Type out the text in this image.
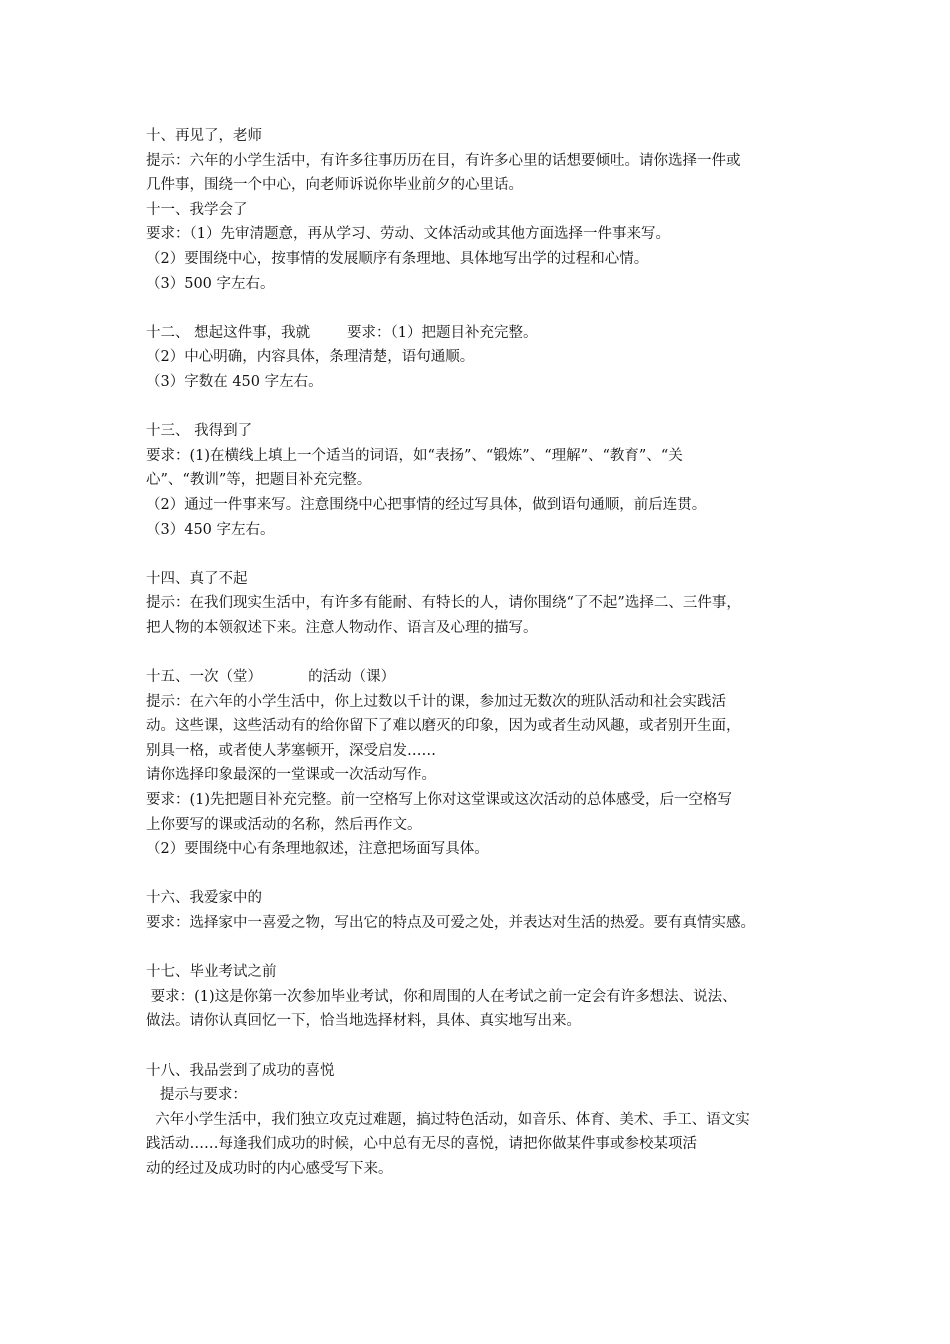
十、再见了，老师
提示：六年的小学生活中，有许多往事历历在目，有许多心里的话想要倾吐。请你选择一件或
几件事，围绕一个中心，向老师诉说你毕业前夕的心里话。
十一、我学会了
要求：（1）先审清题意，再从学习、劳动、文体活动或其他方面选择一件事来写。
（2）要围绕中心，按事情的发展顺序有条理地、具体地写出学的过程和心情。
（3）500 字左右。
十二、 想起这件事，我就        要求：（1）把题目补充完整。
（2）中心明确，内容具体，条理清楚，语句通顺。
（3）字数在 450 字左右。
十三、 我得到了
要求：(1)在横线上填上一个适当的词语，如“表扬”、“锻炼”、“理解”、“教育”、“关
心”、“教训”等，把题目补充完整。
（2）通过一件事来写。注意围绕中心把事情的经过写具体，做到语句通顺，前后连贯。
（3）450 字左右。
十四、真了不起
提示：在我们现实生活中，有许多有能耐、有特长的人，请你围绕“了不起”选择二、三件事，
把人物的本领叙述下来。注意人物动作、语言及心理的描写。
十五、一次（堂）          的活动（课）
提示：在六年的小学生活中，你上过数以千计的课，参加过无数次的班队活动和社会实践活
动。这些课，这些活动有的给你留下了难以磨灭的印象，因为或者生动风趣，或者别开生面，
别具一格，或者使人茅塞顿开，深受启发……
请你选择印象最深的一堂课或一次活动写作。
要求：(1)先把题目补充完整。前一空格写上你对这堂课或这次活动的总体感受，后一空格写
上你要写的课或活动的名称，然后再作文。
（2）要围绕中心有条理地叙述，注意把场面写具体。
十六、我爱家中的
要求：选择家中一喜爱之物，写出它的特点及可爱之处，并表达对生活的热爱。要有真情实感。
十七、毕业考试之前
要求：(1)这是你第一次参加毕业考试，你和周围的人在考试之前一定会有许多想法、说法、
做法。请你认真回忆一下，恰当地选择材料，具体、真实地写出来。
十八、我品尝到了成功的喜悦
提示与要求：
六年小学生活中，我们独立攻克过难题，搞过特色活动，如音乐、体育、美术、手工、语文实
践活动……每逢我们成功的时候，心中总有无尽的喜悦，请把你做某件事或参校某项活
动的经过及成功时的内心感受写下来。
